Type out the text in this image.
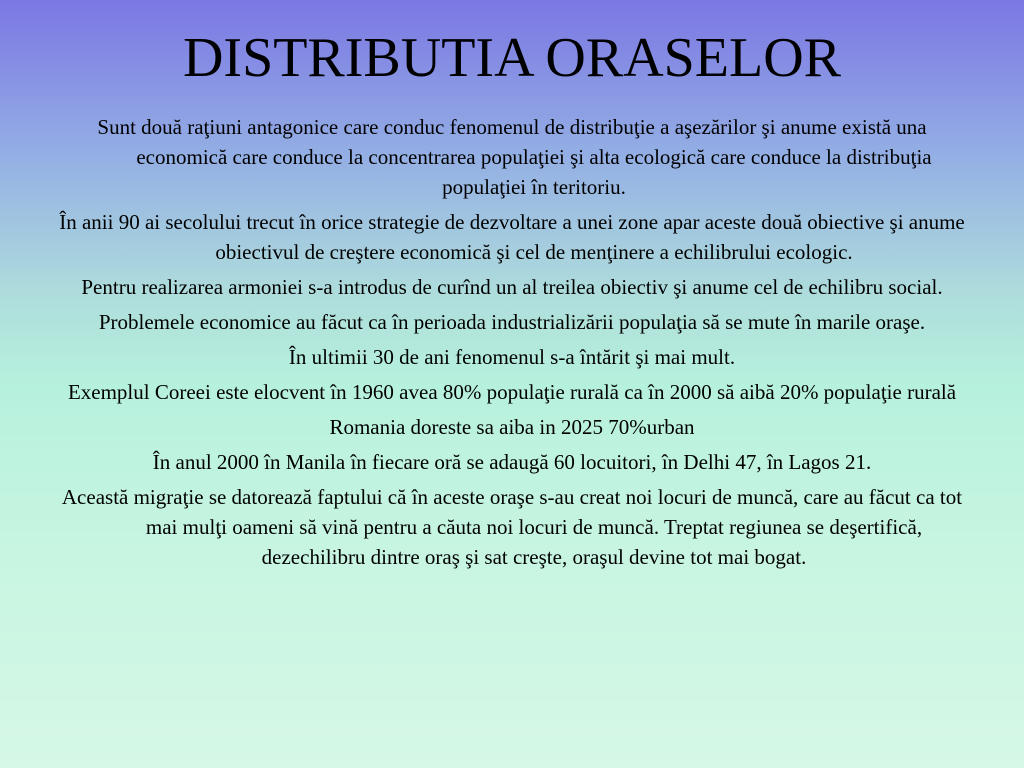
DISTRIBUTIA ORASELOR

Sunt două raţiuni antagonice care conduc fenomenul de distribuţie a aşezărilor şi anume există una economică care conduce la concentrarea populaţiei şi alta ecologică care conduce la distribuţia populaţiei în teritoriu.

În anii 90 ai secolului trecut în orice strategie de dezvoltare a unei zone apar aceste două obiective şi anume obiectivul de creştere economică şi cel de menţinere a echilibrului ecologic.

Pentru realizarea armoniei s-a introdus de curînd un al treilea obiectiv şi anume cel de echilibru social.

Problemele economice au făcut ca în perioada industrializării populaţia să se mute în marile oraşe.

În ultimii 30 de ani fenomenul s-a întărit şi mai mult.

Exemplul Coreei este elocvent în 1960 avea 80% populaţie rurală ca în 2000 să aibă 20% populaţie rurală

Romania doreste sa aiba in 2025 70%urban

În anul 2000 în Manila în fiecare oră se adaugă 60 locuitori, în Delhi 47, în Lagos 21.

Această migraţie se datorează faptului că în aceste oraşe s-au creat noi locuri de muncă, care au făcut ca tot mai mulţi oameni să vină pentru a căuta noi locuri de muncă. Treptat regiunea se deşertifică, dezechilibru dintre oraş şi sat creşte, oraşul devine tot mai bogat.
